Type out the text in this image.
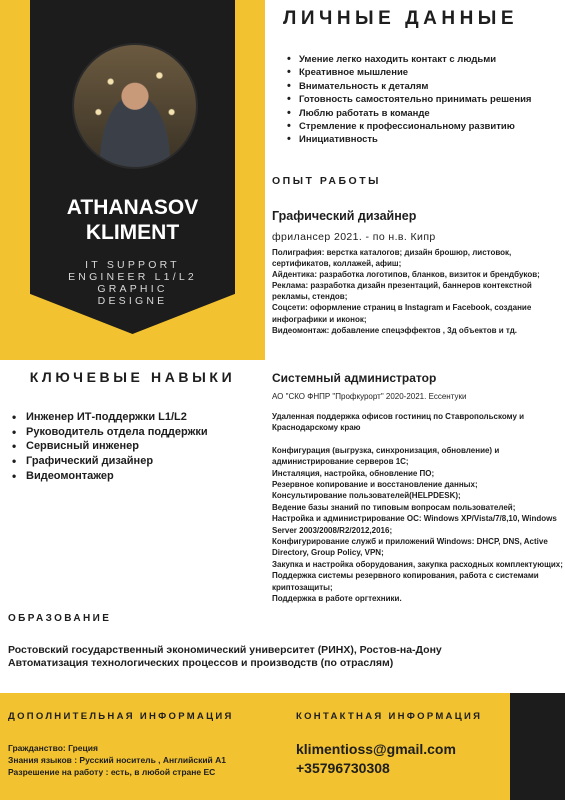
ATHANASOV
KLIMENT
IT SUPPORT
ENGINEER L1/L2
GRAPHIC
DESIGNE
ЛИЧНЫЕ ДАННЫЕ
• Умение легко находить контакт с людьми
• Креативное мышление
• Внимательность к деталям
• Готовность самостоятельно принимать решения
• Люблю работать в команде
• Стремление к профессиональному развитию
• Инициативность
ОПЫТ РАБОТЫ
Графический дизайнер
фрилансер 2021. - по н.в. Кипр

Полиграфия: верстка каталогов; дизайн брошюр, листовок, сертификатов, коллажей, афиш;

Айдентика: разработка логотипов, бланков, визиток и брендбуков;

Реклама: разработка дизайн презентаций, баннеров контекстной рекламы, стендов;

Соцсети: оформление страниц в Instagram и Facebook, создание инфографики и иконок;

Видеомонтаж: добавление спецэффектов , 3д объектов и тд.

Системный администратор
АО "СКО ФНПР "Профкурорт" 2020-2021. Ессентуки

Удаленная поддержка офисов гостиниц по Ставропольскому и Краснодарскому краю

Конфигурация (выгрузка, синхронизация, обновление) и администрирование серверов 1С;

Инсталяция, настройка, обновление ПО;

Резервное копирование и восстановление данных;

Консультирование пользователей(HELPDESK);

Ведение базы знаний по типовым вопросам пользователей;

Настройка и администрирование ОС: Windows XP/Vista/7/8,10, Windows Server 2003/2008/R2/2012,2016;

Конфигурирование служб и приложений Windows: DHCP, DNS, Active Directory, Group Policy, VPN;

Закупка и настройка оборудования, закупка расходных комплектующих;

Поддержка системы резервного копирования, работа с системами криптозащиты;

Поддержка в работе оргтехники.

КЛЮЧЕВЫЕ НАВЫКИ
• Инженер ИТ-поддержки L1/L2
• Руководитель отдела поддержки
• Сервисный инженер
• Графический дизайнер
• Видеомонтажер
ОБРАЗОВАНИЕ
Ростовский государственный экономический университет (РИНХ), Ростов-на-Дону
Автоматизация технологических процессов и производств (по отраслям)
ДОПОЛНИТЕЛЬНАЯ ИНФОРМАЦИЯ
Гражданство: Греция
Знания языков : Русский носитель , Английский А1
Разрешение на работу : есть, в любой стране ЕС
КОНТАКТНАЯ ИНФОРМАЦИЯ
klimentioss@gmail.com
+35796730308
